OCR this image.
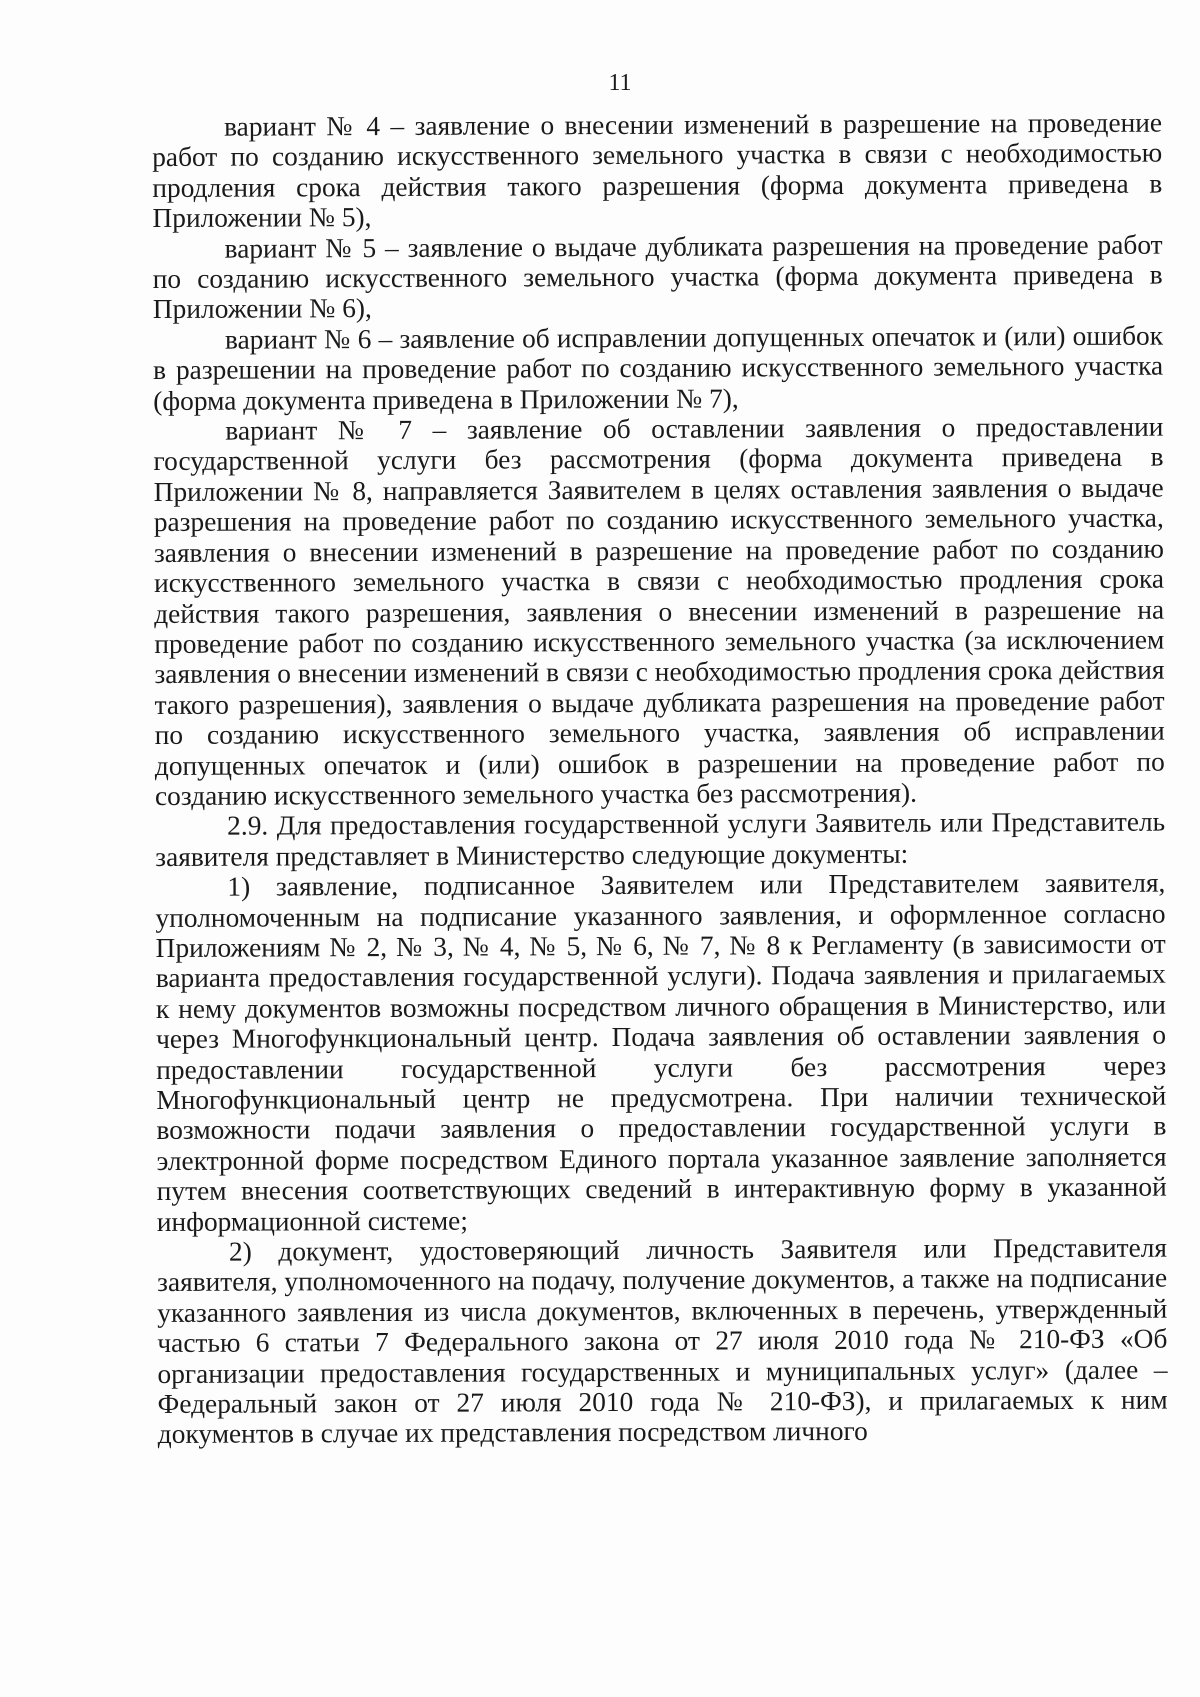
11

вариант № 4 – заявление о внесении изменений в разрешение на проведение работ по созданию искусственного земельного участка в связи с необходимостью продления срока действия такого разрешения (форма документа приведена в Приложении № 5),

вариант № 5 – заявление о выдаче дубликата разрешения на проведение работ по созданию искусственного земельного участка (форма документа приведена в Приложении № 6),

вариант № 6 – заявление об исправлении допущенных опечаток и (или) ошибок в разрешении на проведение работ по созданию искусственного земельного участка (форма документа приведена в Приложении № 7),

вариант № 7 – заявление об оставлении заявления о предоставлении государственной услуги без рассмотрения (форма документа приведена в Приложении № 8, направляется Заявителем в целях оставления заявления о выдаче разрешения на проведение работ по созданию искусственного земельного участка, заявления о внесении изменений в разрешение на проведение работ по созданию искусственного земельного участка в связи с необходимостью продления срока действия такого разрешения, заявления о внесении изменений в разрешение на проведение работ по созданию искусственного земельного участка (за исключением заявления о внесении изменений в связи с необходимостью продления срока действия такого разрешения), заявления о выдаче дубликата разрешения на проведение работ по созданию искусственного земельного участка, заявления об исправлении допущенных опечаток и (или) ошибок в разрешении на проведение работ по созданию искусственного земельного участка без рассмотрения).

2.9. Для предоставления государственной услуги Заявитель или Представитель заявителя представляет в Министерство следующие документы:

1) заявление, подписанное Заявителем или Представителем заявителя, уполномоченным на подписание указанного заявления, и оформленное согласно Приложениям № 2, № 3, № 4, № 5, № 6, № 7, № 8 к Регламенту (в зависимости от варианта предоставления государственной услуги). Подача заявления и прилагаемых к нему документов возможны посредством личного обращения в Министерство, или через Многофункциональный центр. Подача заявления об оставлении заявления о предоставлении государственной услуги без рассмотрения через Многофункциональный центр не предусмотрена. При наличии технической возможности подачи заявления о предоставлении государственной услуги в электронной форме посредством Единого портала указанное заявление заполняется путем внесения соответствующих сведений в интерактивную форму в указанной информационной системе;

2) документ, удостоверяющий личность Заявителя или Представителя заявителя, уполномоченного на подачу, получение документов, а также на подписание указанного заявления из числа документов, включенных в перечень, утвержденный частью 6 статьи 7 Федерального закона от 27 июля 2010 года № 210-ФЗ «Об организации предоставления государственных и муниципальных услуг» (далее – Федеральный закон от 27 июля 2010 года № 210-ФЗ), и прилагаемых к ним документов в случае их представления посредством личного
